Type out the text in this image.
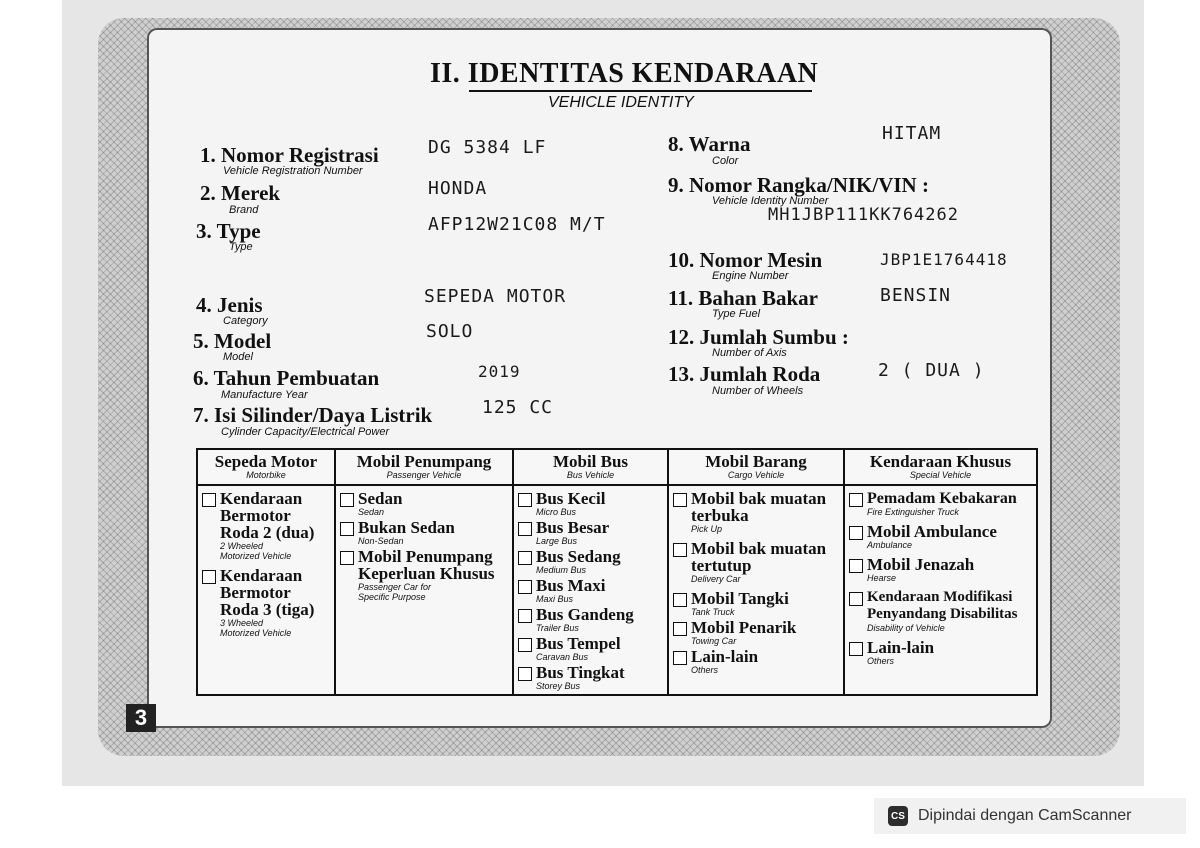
II. IDENTITAS KENDARAAN
VEHICLE IDENTITY
1. Nomor Registrasi
Vehicle Registration Number
DG 5384 LF
2. Merek
Brand
HONDA
3. Type
Type
AFP12W21C08 M/T
4. Jenis
Category
SEPEDA MOTOR
5. Model
Model
SOLO
6. Tahun Pembuatan
Manufacture Year
2019
7. Isi Silinder/Daya Listrik
Cylinder Capacity/Electrical Power
125 CC
8. Warna
Color
HITAM
9. Nomor Rangka/NIK/VIN :
Vehicle Identity Number
MH1JBP111KK764262
10. Nomor Mesin
Engine Number
JBP1E1764418
11. Bahan Bakar
Type Fuel
BENSIN
12. Jumlah Sumbu :
Number of Axis
13. Jumlah Roda
Number of Wheels
2 ( DUA )
Sepeda Motor
Motorbike
Kendaraan Bermotor Roda 2 (dua)
2 Wheeled Motorized Vehicle
Kendaraan Bermotor Roda 3 (tiga)
3 Wheeled Motorized Vehicle
Mobil Penumpang
Passenger Vehicle
Sedan
Sedan
Bukan Sedan
Non-Sedan
Mobil Penumpang Keperluan Khusus
Passenger Car for Specific Purpose
Mobil Bus
Bus Vehicle
Bus Kecil
Micro Bus
Bus Besar
Large Bus
Bus Sedang
Medium Bus
Bus Maxi
Maxi Bus
Bus Gandeng
Trailer Bus
Bus Tempel
Caravan Bus
Bus Tingkat
Storey Bus
Mobil Barang
Cargo Vehicle
Mobil bak muatan terbuka
Pick Up
Mobil bak muatan tertutup
Delivery Car
Mobil Tangki
Tank Truck
Mobil Penarik
Towing Car
Lain-lain
Others
Kendaraan Khusus
Special Vehicle
Pemadam Kebakaran
Fire Extinguisher Truck
Mobil Ambulance
Ambulance
Mobil Jenazah
Hearse
Kendaraan Modifikasi Penyandang Disabilitas
Disability of Vehicle
Lain-lain
Others
3
CS Dipindai dengan CamScanner
